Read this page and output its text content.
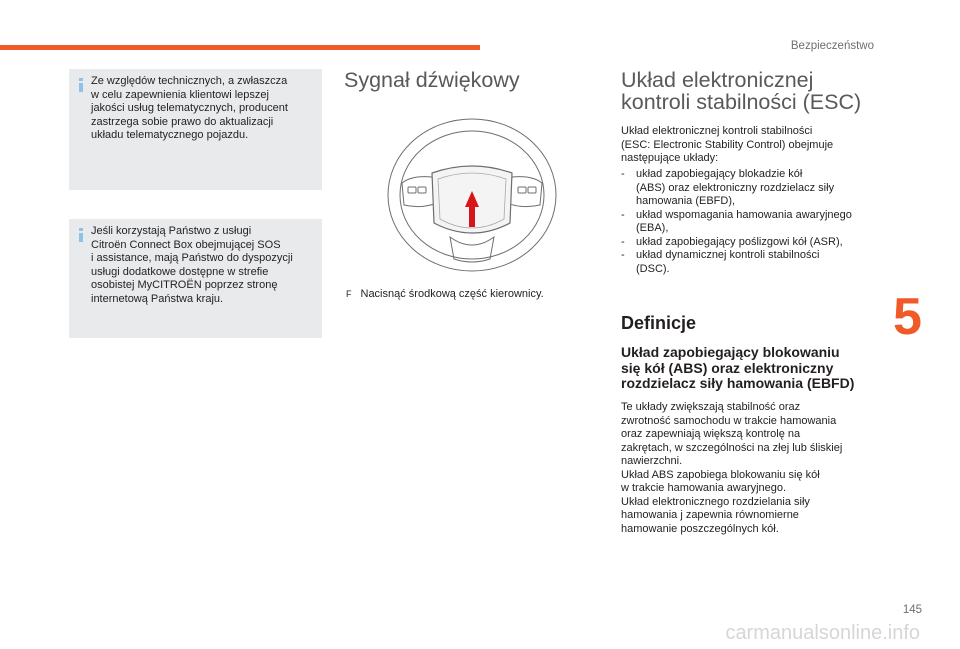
Bezpieczeństwo
Ze względów technicznych, a zwłaszcza
w celu zapewnienia klientowi lepszej
jakości usług telematycznych, producent
zastrzega sobie prawo do aktualizacji
układu telematycznego pojazdu.
Jeśli korzystają Państwo z usługi
Citroën Connect Box obejmującej SOS
i assistance, mają Państwo do dyspozycji
usługi dodatkowe dostępne w strefie
osobistej MyCITROËN poprzez stronę
internetową Państwa kraju.
Sygnał dźwiękowy
F Nacisnąć środkową część kierownicy.
Układ elektronicznej
kontroli stabilności (ESC)
Układ elektronicznej kontroli stabilności
(ESC: Electronic Stability Control) obejmuje
następujące układy:
-	układ zapobiegający blokadzie kół
(ABS) oraz elektroniczny rozdzielacz siły
hamowania (EBFD),
-	układ wspomagania hamowania awaryjnego
(EBA),
-	układ zapobiegający poślizgowi kół (ASR),
-	układ dynamicznej kontroli stabilności
(DSC).
Definicje
Układ zapobiegający blokowaniu
się kół (ABS) oraz elektroniczny
rozdzielacz siły hamowania (EBFD)
Te układy zwiększają stabilność oraz
zwrotność samochodu w trakcie hamowania
oraz zapewniają większą kontrolę na
zakrętach, w szczególności na złej lub śliskiej
nawierzchni.
Układ ABS zapobiega blokowaniu się kół
w trakcie hamowania awaryjnego.
Układ elektronicznego rozdzielania siły
hamowania j zapewnia równomierne
hamowanie poszczególnych kół.
5
145
carmanualsonline.info
